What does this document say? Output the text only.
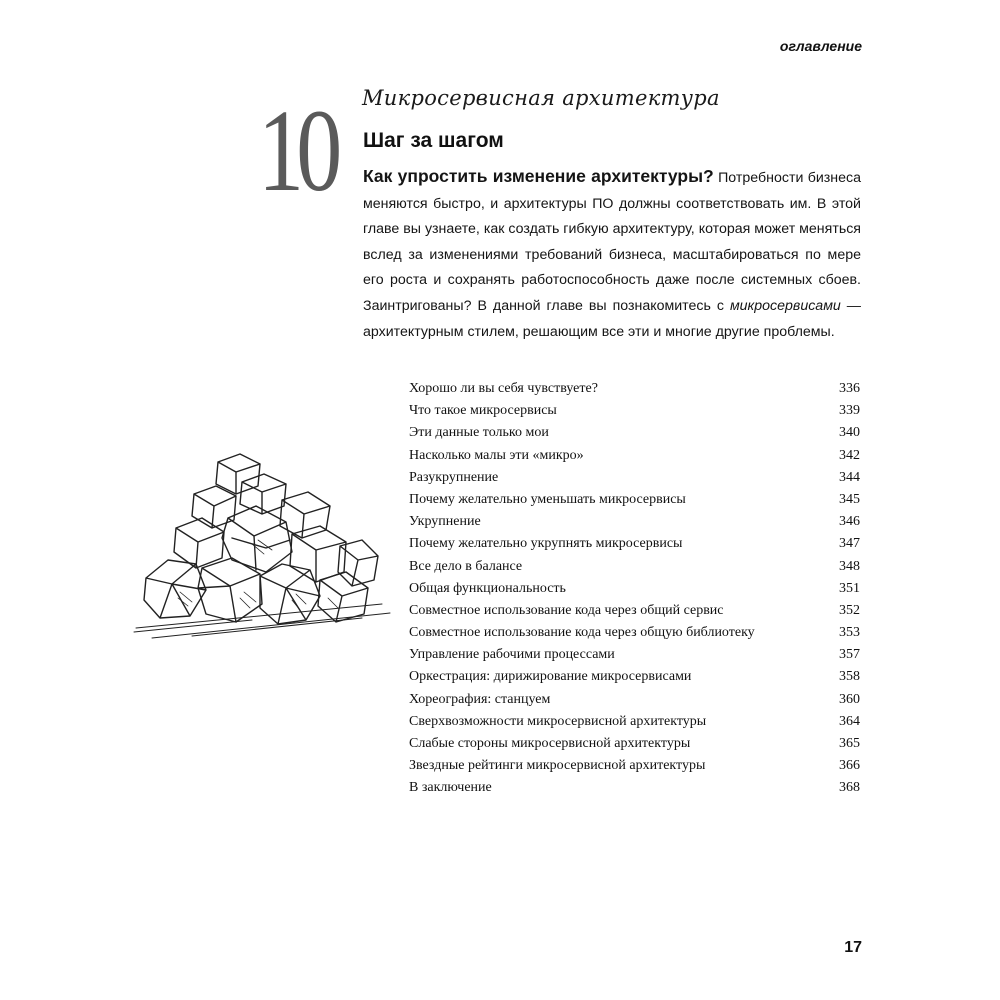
оглавление
10 Микросервисная архитектура
Шаг за шагом
Как упростить изменение архитектуры? Потребности бизнеса меняются быстро, и архитектуры ПО должны соответствовать им. В этой главе вы узнаете, как создать гибкую архитектуру, которая может меняться вслед за изменениями требований бизнеса, масштабироваться по мере его роста и сохранять работоспособность даже после системных сбоев. Заинтригованы? В данной главе вы познакомитесь с микросервисами — архитектурным стилем, решающим все эти и многие другие проблемы.
Хорошо ли вы себя чувствуете?	336
Что такое микросервисы	339
Эти данные только мои	340
Насколько малы эти «микро»	342
Разукрупнение	344
Почему желательно уменьшать микросервисы	345
Укрупнение	346
Почему желательно укрупнять микросервисы	347
Все дело в балансе	348
Общая функциональность	351
Совместное использование кода через общий сервис	352
Совместное использование кода через общую библиотеку	353
Управление рабочими процессами	357
Оркестрация: дирижирование микросервисами	358
Хореография: станцуем	360
Сверхвозможности микросервисной архитектуры	364
Слабые стороны микросервисной архитектуры	365
Звездные рейтинги микросервисной архитектуры	366
В заключение	368
17
